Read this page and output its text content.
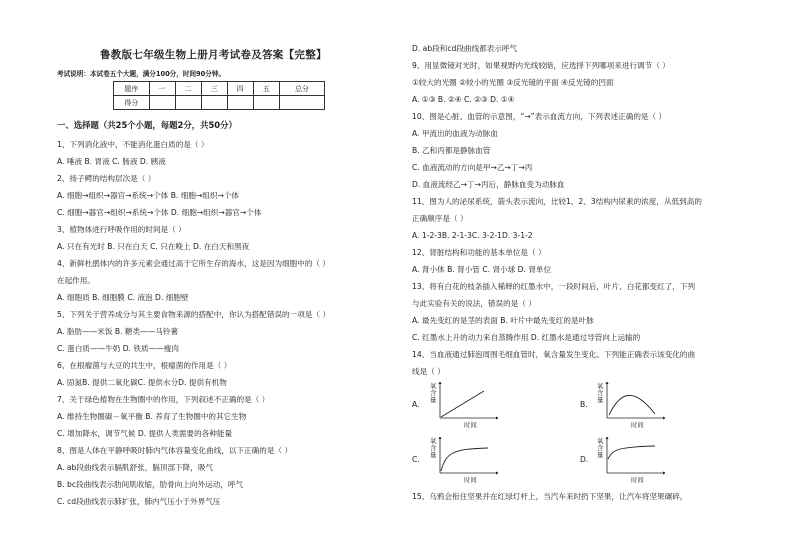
鲁教版七年级生物上册月考试卷及答案【完整】
考试说明：本试卷五个大题，满分100分，时间90分钟。
题序	一	二	三	四	五	总分
得分						
一、选择题（共25个小题，每题2分，共50分）
1、下列消化液中，不能消化蛋白质的是（ ）
A. 唾液 B. 胃液 C. 肠液 D. 胰液
2、扬子鳄的结构层次是（ ）
A. 细胞→组织→器官→系统→个体 B. 细胞→组织→个体
C. 细胞→器官→组织→系统→个体 D. 细胞→组织→器官→个体
3、植物体进行呼吸作用的时间是（ ）
A. 只在有光时 B. 只在白天 C. 只在晚上 D. 在白天和黑夜
4、新鲜杜鹃体内的许多元素会通过高于它所生存的海水，这是因为细胞中的（ ）
在起作用。
A. 细胞质 B. 细胞膜 C. 液泡 D. 细胞壁
5、下列关于营养成分与其主要食物来源的搭配中，你认为搭配错误的一项是（ ）
A. 脂肪——米饭 B. 糖类——马铃薯
C. 蛋白质——牛奶 D. 铁质——瘦肉
6、在根瘤菌与大豆的共生中，根瘤菌的作用是（ ）
A. 固氮B. 提供二氧化碳C. 提供水分D. 提供有机物
7、关于绿色植物在生物圈中的作用，下列叙述不正确的是（ ）
A. 维持生物圈碳－氧平衡 B. 养育了生物圈中的其它生物
C. 增加降水，调节气候 D. 提供人类需要的各种能量
8、图是人体在平静呼吸时肺内气体容量变化曲线，以下正确的是（ ）
A. ab段曲线表示膈肌舒张，膈顶部下降，吸气
B. bc段曲线表示肋间肌收缩，肋骨向上向外运动，呼气
C. cd段曲线表示肺扩张，肺内气压小于外界气压
D. ab段和cd段曲线都表示呼气
9、用显微镜对光时，如果视野内光线较暗，应选择下列哪项来进行调节（ ）
①较大的光圈 ②较小的光圈 ③反光镜的平面 ④反光镜的凹面
A. ①③ B. ②④ C. ②③ D. ①④
10、图是心脏、血管的示意图，“→”表示血流方向，下列表述正确的是（ ）
A. 甲流出的血液为动脉血
B. 乙和丙都是静脉血管
C. 血液流动的方向是甲→乙→丁→丙
D. 血液流经乙→丁→丙后，静脉血变为动脉血
11、图为人的泌尿系统，箭头表示流向，比较1、2、3结构内尿素的浓度，从低到高的
正确顺序是（ ）
A. 1-2-3B. 2-1-3C. 3-2-1D. 3-1-2
12、肾脏结构和功能的基本单位是（ ）
A. 肾小体 B. 肾小管 C. 肾小球 D. 肾单位
13、将有白花的枝条插入稀释的红墨水中，一段时间后，叶片、白花都变红了，下列
与此实验有关的说法，错误的是（ ）
A. 最先变红的是茎的表面 B. 叶片中最先变红的是叶脉
C. 红墨水上升的动力来自蒸腾作用 D. 红墨水是通过导管向上运输的
14、当血液通过肺泡周围毛细血管时，氧含量发生变化。下列能正确表示该变化的曲
线是（ ）
15、乌鸦会衔住坚果并在红绿灯杆上，当汽车来时扔下坚果，让汽车将坚果碾碎，
A.
氧
含
量
时间
B.
氧
含
量
时间
C.
氧
含
量
时间
D.
氧
含
量
时间
